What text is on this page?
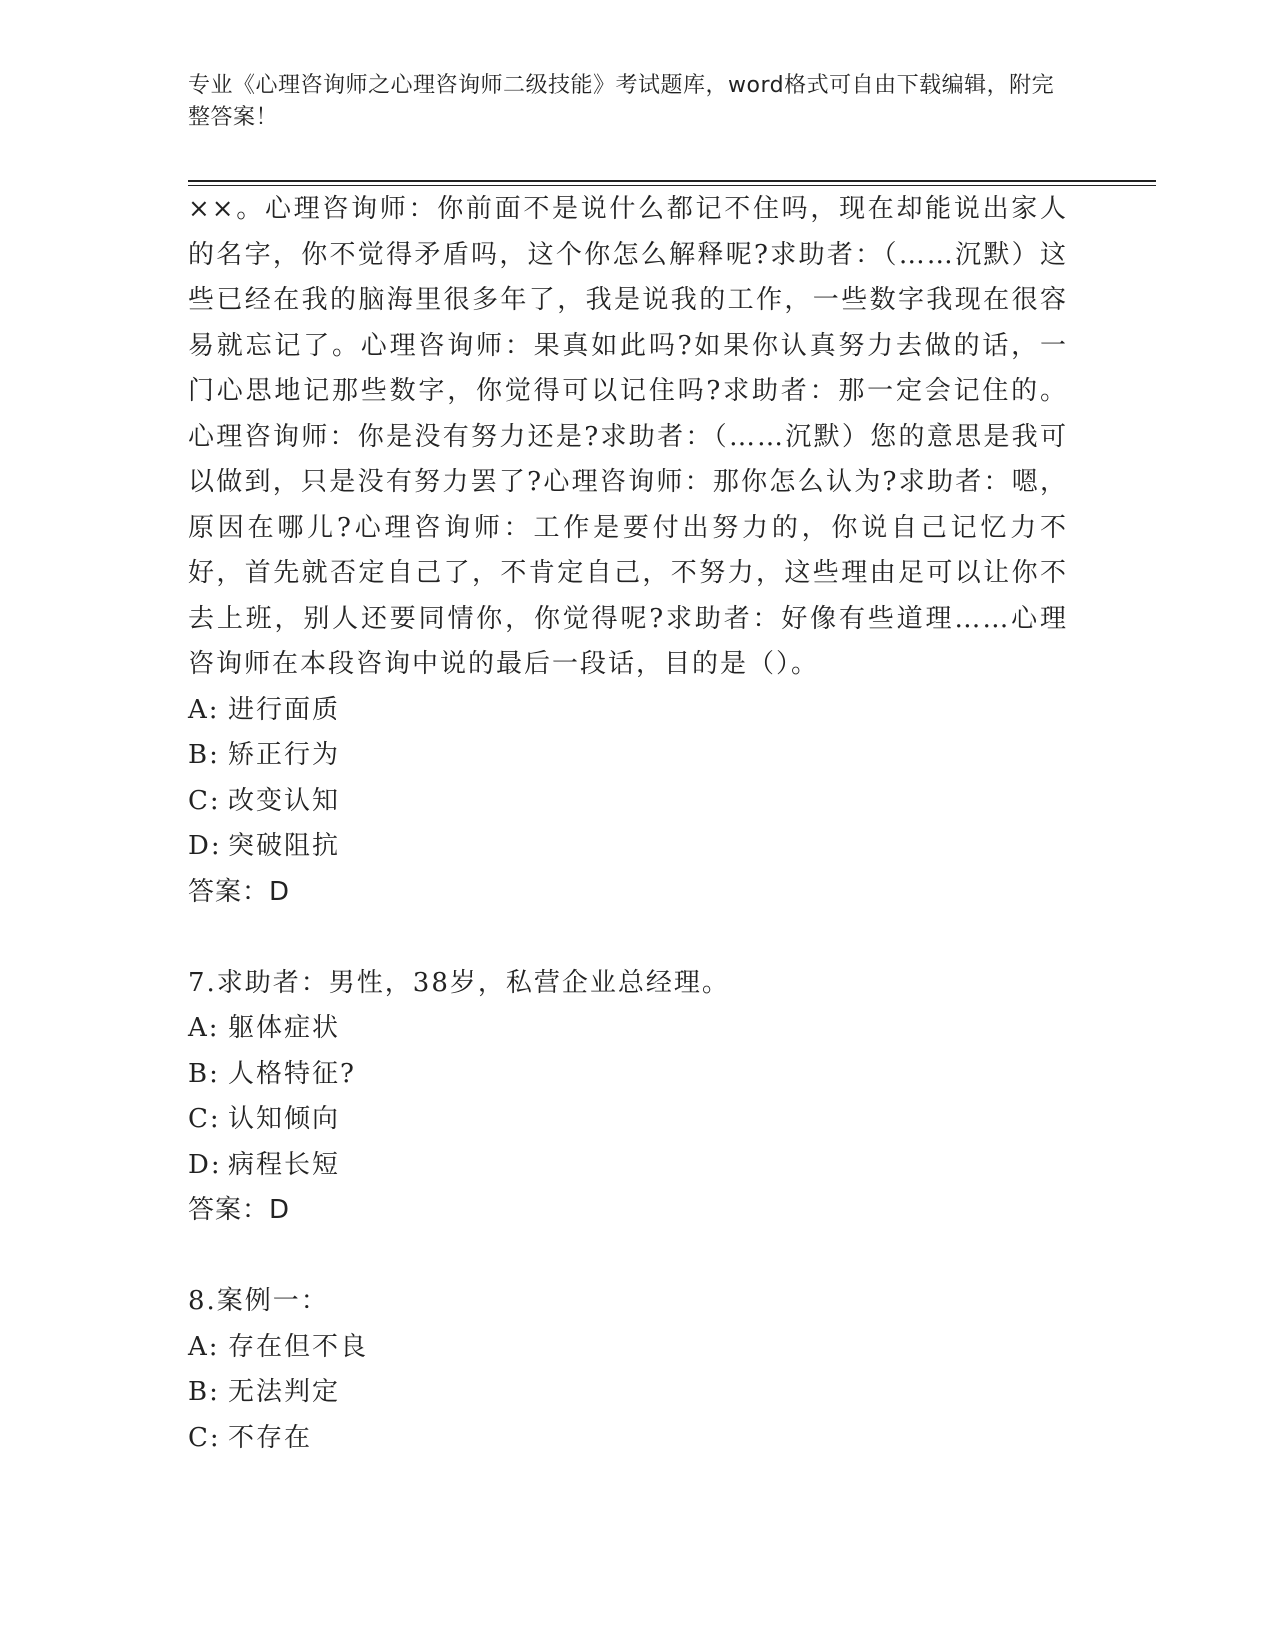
专业《心理咨询师之心理咨询师二级技能》考试题库，word格式可自由下载编辑，附完整答案！

××。心理咨询师：你前面不是说什么都记不住吗，现在却能说出家人的名字，你不觉得矛盾吗，这个你怎么解释呢?求助者：（……沉默）这些已经在我的脑海里很多年了，我是说我的工作，一些数字我现在很容易就忘记了。心理咨询师：果真如此吗?如果你认真努力去做的话，一门心思地记那些数字，你觉得可以记住吗?求助者：那一定会记住的。心理咨询师：你是没有努力还是?求助者：（……沉默）您的意思是我可以做到，只是没有努力罢了?心理咨询师：那你怎么认为?求助者：嗯，原因在哪儿?心理咨询师：工作是要付出努力的，你说自己记忆力不好，首先就否定自己了，不肯定自己，不努力，这些理由足可以让你不去上班，别人还要同情你，你觉得呢?求助者：好像有些道理……心理咨询师在本段咨询中说的最后一段话，目的是（）。

A: 进行面质

B: 矫正行为

C: 改变认知

D: 突破阻抗

答案：D

7.求助者：男性，38岁，私营企业总经理。

A: 躯体症状

B: 人格特征?

C: 认知倾向

D: 病程长短

答案：D

8.案例一：

A: 存在但不良

B: 无法判定

C: 不存在
